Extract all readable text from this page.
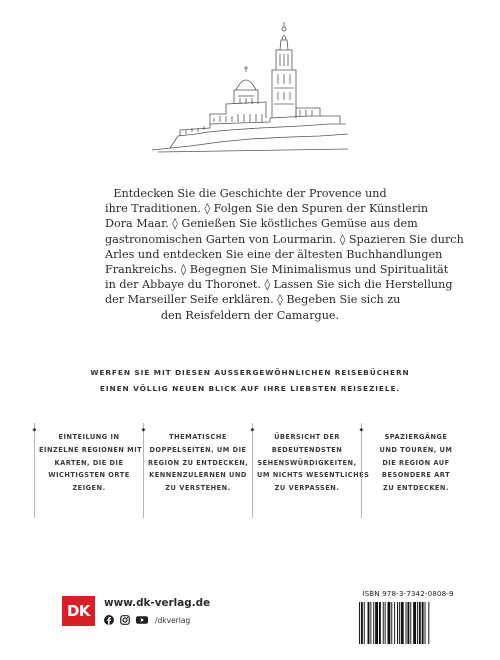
Entdecken Sie die Geschichte der Provence und
ihre Traditionen. ◊ Folgen Sie den Spuren der Künstlerin
Dora Maar. ◊ Genießen Sie köstliches Gemüse aus dem
gastronomischen Garten von Lourmarin. ◊ Spazieren Sie durch
Arles und entdecken Sie eine der ältesten Buchhandlungen
Frankreichs. ◊ Begegnen Sie Minimalismus und Spiritualität
in der Abbaye du Thoronet. ◊ Lassen Sie sich die Herstellung
der Marseiller Seife erklären. ◊ Begeben Sie sich zu
den Reisfeldern der Camargue.
WERFEN SIE MIT DIESEN AUSSERGEWÖHNLICHEN REISEBÜCHERN
EINEN VÖLLIG NEUEN BLICK AUF IHRE LIEBSTEN REISEZIELE.
◆
EINTEILUNG IN
EINZELNE REGIONEN MIT
KARTEN, DIE DIE
WICHTIGSTEN ORTE
ZEIGEN.
◆
THEMATISCHE
DOPPELSEITEN, UM DIE
REGION ZU ENTDECKEN,
KENNENZULERNEN UND
ZU VERSTEHEN.
◆
ÜBERSICHT DER
BEDEUTENDSTEN
SEHENSWÜRDIGKEITEN,
UM NICHTS WESENTLICHES
ZU VERPASSEN.
◆
SPAZIERGÄNGE
UND TOUREN, UM
DIE REGION AUF
BESONDERE ART
ZU ENTDECKEN.
DK	www.dk-verlag.de
/dkverlag
ISBN 978-3-7342-0808-9
